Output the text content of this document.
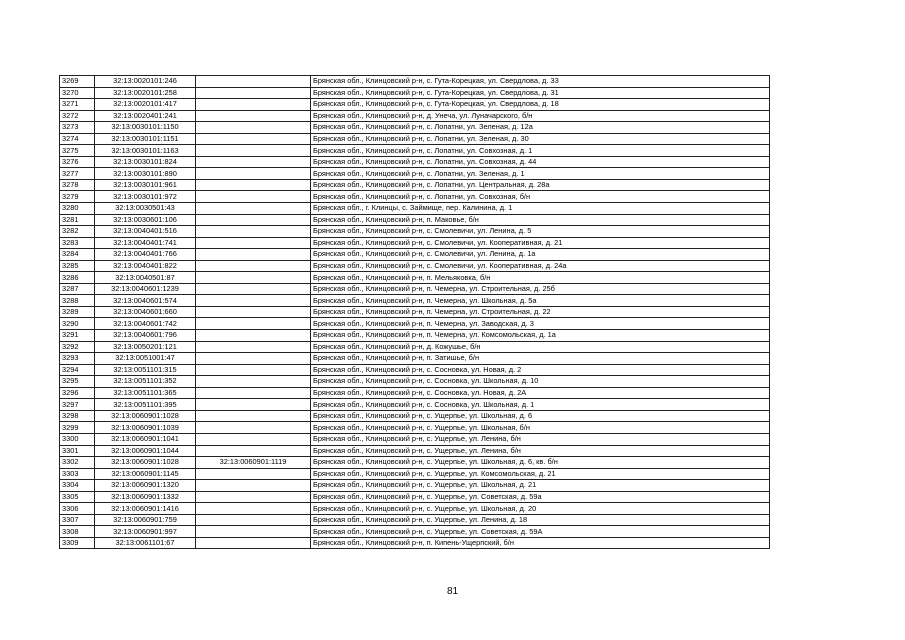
3269	32:13:0020101:246		Брянская обл., Клинцовский р-н, с. Гута-Корецкая, ул. Свердлова, д. 33
3270	32:13:0020101:258		Брянская обл., Клинцовский р-н, с. Гута-Корецкая, ул. Свердлова, д. 31
3271	32:13:0020101:417		Брянская обл., Клинцовский р-н, с. Гута-Корецкая, ул. Свердлова, д. 18
3272	32:13:0020401:241		Брянская обл., Клинцовский р-н, д. Унеча, ул. Луначарского, б/н
3273	32:13:0030101:1150		Брянская обл., Клинцовский р-н, с. Лопатни, ул. Зеленая, д. 12а
3274	32:13:0030101:1151		Брянская обл., Клинцовский р-н, с. Лопатни, ул. Зеленая, д. 30
3275	32:13:0030101:1163		Брянская обл., Клинцовский р-н, с. Лопатни, ул. Совхозная, д. 1
3276	32:13:0030101:824		Брянская обл., Клинцовский р-н, с. Лопатни, ул. Совхозная, д. 44
3277	32:13:0030101:890		Брянская обл., Клинцовский р-н, с. Лопатни, ул. Зеленая, д. 1
3278	32:13:0030101:961		Брянская обл., Клинцовский р-н, с. Лопатни, ул. Центральная, д. 28а
3279	32:13:0030101:972		Брянская обл., Клинцовский р-н, с. Лопатни, ул. Совхозная, б/н
3280	32:13:0030501:43		Брянская обл., г. Клинцы, с. Займище, пер. Калинина, д. 1
3281	32:13:0030601:106		Брянская обл., Клинцовский р-н, п. Маковье, б/н
3282	32:13:0040401:516		Брянская обл., Клинцовский р-н, с. Смолевичи, ул. Ленина, д. 5
3283	32:13:0040401:741		Брянская обл., Клинцовский р-н, с. Смолевичи, ул. Кооперативная, д. 21
3284	32:13:0040401:766		Брянская обл., Клинцовский р-н, с. Смолевичи, ул. Ленина, д. 1а
3285	32:13:0040401:822		Брянская обл., Клинцовский р-н, с. Смолевичи, ул. Кооперативная, д. 24а
3286	32:13:0040501:87		Брянская обл., Клинцовский р-н, п. Мельяковка, б/н
3287	32:13:0040601:1239		Брянская обл., Клинцовский р-н, п. Чемерна, ул. Строительная, д. 25б
3288	32:13:0040601:574		Брянская обл., Клинцовский р-н, п. Чемерна, ул. Школьная, д. 5а
3289	32:13:0040601:660		Брянская обл., Клинцовский р-н, п. Чемерна, ул. Строительная, д. 22
3290	32:13:0040601:742		Брянская обл., Клинцовский р-н, п. Чемерна, ул. Заводская, д. 3
3291	32:13:0040601:796		Брянская обл., Клинцовский р-н, п. Чемерна, ул. Комсомольская, д. 1а
3292	32:13:0050201:121		Брянская обл., Клинцовский р-н, д. Кожушье, б/н
3293	32:13:0051001:47		Брянская обл., Клинцовский р-н, п. Затишье, б/н
3294	32:13:0051101:315		Брянская обл., Клинцовский р-н, с. Сосновка, ул. Новая, д. 2
3295	32:13:0051101:352		Брянская обл., Клинцовский р-н, с. Сосновка, ул. Школьная, д. 10
3296	32:13:0051101:365		Брянская обл., Клинцовский р-н, с. Сосновка, ул. Новая, д. 2А
3297	32:13:0051101:395		Брянская обл., Клинцовский р-н, с. Сосновка, ул. Школьная, д. 1
3298	32:13:0060901:1028		Брянская обл., Клинцовский р-н, с. Ущерпье, ул. Школьная, д. 6
3299	32:13:0060901:1039		Брянская обл., Клинцовский р-н, с. Ущерпье, ул. Школьная, б/н
3300	32:13:0060901:1041		Брянская обл., Клинцовский р-н, с. Ущерпье, ул. Ленина, б/н
3301	32:13:0060901:1044		Брянская обл., Клинцовский р-н, с. Ущерпье, ул. Ленина, б/н
3302	32:13:0060901:1028	32:13:0060901:1119	Брянская обл., Клинцовский р-н, с. Ущерпье, ул. Школьная, д. 6, кв. б/н
3303	32:13:0060901:1145		Брянская обл., Клинцовский р-н, с. Ущерпье, ул. Комсомольская, д. 21
3304	32:13:0060901:1320		Брянская обл., Клинцовский р-н, с. Ущерпье, ул. Школьная, д. 21
3305	32:13:0060901:1332		Брянская обл., Клинцовский р-н, с. Ущерпье, ул. Советская, д. 59а
3306	32:13:0060901:1416		Брянская обл., Клинцовский р-н, с. Ущерпье, ул. Школьная, д. 20
3307	32:13:0060901:759		Брянская обл., Клинцовский р-н, с. Ущерпье, ул. Ленина, д. 18
3308	32:13:0060901:997		Брянская обл., Клинцовский р-н, с. Ущерпье, ул. Советская, д. 59А
3309	32:13:0061101:67		Брянская обл., Клинцовский р-н, п. Кипень-Ущерпский, б/н
81
